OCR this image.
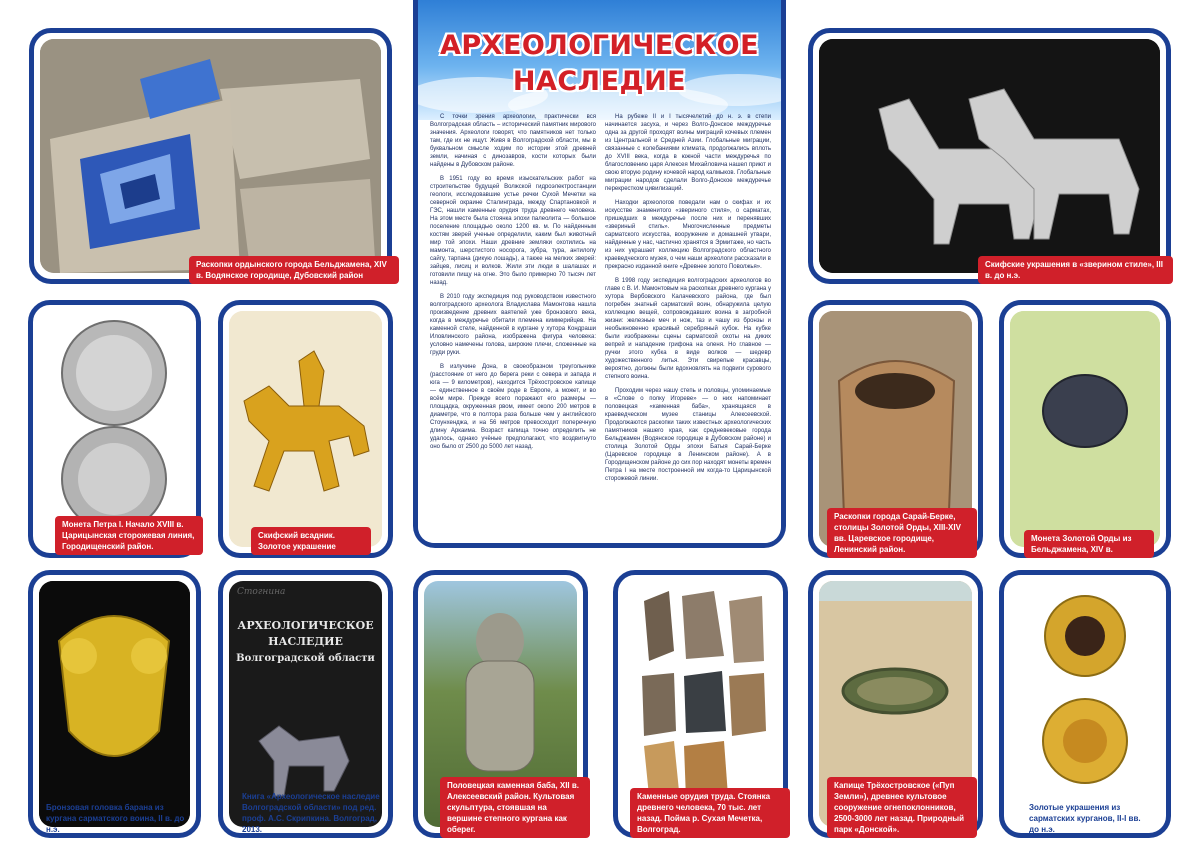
АРХЕОЛОГИЧЕСКОЕ
НАСЛЕДИЕ

С точки зрения археологии, практически вся Волгоградская область – исторический памятник мирового значения. Археологи говорят, что памятников нет только там, где их не ищут. Живя в Волгоградской области, мы в буквальном смысле ходим по истории этой древней земли, начиная с динозавров, кости которых были найдены в Дубовском районе.

В 1951 году во время изыскательских работ на строительстве будущей Волжской гидроэлектростанции геологи, исследовавшие устье речки Сухой Мечетки на северной окраине Сталинграда, между Спартановкой и ГЭС, нашли каменные орудия труда древнего человека. На этом месте была стоянка эпохи палеолита — большое поселение площадью около 1200 кв. м. По найденным костям зверей ученые определили, каким был животный мир той эпохи. Наши древние земляки охотились на мамонта, шерстистого носорога, зубра, тура, антилопу сайгу, тарпана (дикую лошадь), а также на мелких зверей: зайцев, лисиц и волков. Жили эти люди в шалашах и готовили пищу на огне. Это было примерно 70 тысяч лет назад.

В 2010 году экспедиция под руководством известного волгоградского археолога Владислава Мамонтова нашла произведение древних ваятелей уже бронзового века, когда в междуречье обитали племена киммерийцев. На каменной стеле, найденной в кургане у хутора Кондраши Иловлинского района, изображена фигура человека: условно намечены голова, широкие плечи, сложенные на груди руки.

В излучине Дона, в своеобразном треугольнике (расстояние от него до берега реки с севера и запада и юга — 9 километров), находится Трёхостровское капище — единственное в своём роде в Европе, а может, и во всём мире. Прежде всего поражают его размеры — площадка, окруженная рвом, имеет около 200 метров в диаметре, что в полтора раза больше чем у английского Стоунхенджа, и на 56 метров превосходит поперечную длину Аркаима. Возраст капища точно определить не удалось, однако учёные предполагают, что воздвигнуто оно было от 2500 до 5000 лет назад.

На рубеже II и I тысячелетий до н. э. в степи начинается засуха, и через Волго-Донское междуречье одна за другой проходят волны миграций кочевых племен из Центральной и Средней Азии. Глобальные миграции, связанные с колебаниями климата, продолжались вплоть до XVIII века, когда в южной части междуречья по благословению царя Алексея Михайловича нашел приют и свою вторую родину кочевой народ калмыков. Глобальные миграции народов сделали Волго-Донское междуречье перекрестком цивилизаций.

Находки археологов поведали нам о скифах и их искусстве знаменитого «звериного стиля», о сарматах, пришедших в междуречье после них и перенявших «звериный стиль». Многочисленные предметы сарматского искусства, вооружение и домашней утвари, найденные у нас, частично хранятся в Эрмитаже, но часть из них украшает коллекцию Волгоградского областного краеведческого музея, о чем наши археологи рассказали в прекрасно изданной книге «Древнее золото Поволжья».

В 1998 году экспедиция волгоградских археологов во главе с В. И. Мамонтовым на раскопках древнего кургана у хутора Вербовского Калачевского района, где был погребен знатный сарматский воин, обнаружила целую коллекцию вещей, сопровождавших воина в загробной жизни: железные меч и нож, таз и чашу из бронзы и необыкновенно красивый серебряный кубок. На кубке были изображены сцены сарматской охоты на диких вепрей и нападение грифона на оленя. Но главное — ручки этого кубка в виде волков — шедевр художественного литья. Эти свирепые красавцы, вероятно, должны были вдохновлять на подвиги сурового степного воина.

Проходим через нашу степь и половцы, упоминаемые в «Слове о полку Игореве» — о них напоминает половецкая «каменная баба», хранящаяся в краеведческом музее станицы Алексеевской. Продолжаются раскопки таких известных археологических памятников нашего края, как средневековые города Бельджамен (Водянское городище в Дубовском районе) и столица Золотой Орды эпохи Батыя Сарай-Берке (Царевское городище в Ленинском районе). А в Городищенском районе до сих пор находят монеты времен Петра I на месте построенной им когда-то Царицынской сторожевой линии.

Раскопки ордынского города Бельджамена, XIV в. Водянское городище, Дубовский район
Скифские украшения в «зверином стиле», III в. до н.э.
Монета Петра I. Начало XVIII в. Царицынская сторожевая линия, Городищенский район.
Скифский всадник. Золотое украшение
Раскопки города Сарай-Берке, столицы Золотой Орды, XIII-XIV вв. Царевское городище, Ленинский район.
Монета Золотой Орды из Бельджамена, XIV в.
Бронзовая головка барана из кургана сарматского воина, II в. до н.э.
Стогнина
АРХЕОЛОГИЧЕСКОЕ
НАСЛЕДИЕ
Волгоградской области
Книга «Археологическое наследие Волгоградской области» под ред. проф. А.С. Скрипкина. Волгоград, 2013.
Половецкая каменная баба, XII в. Алексеевский район. Культовая скульптура, стоявшая на вершине степного кургана как оберег.
Каменные орудия труда. Стоянка древнего человека, 70 тыс. лет назад. Пойма р. Сухая Мечетка, Волгоград.
Капище Трёхостровское («Пуп Земли»), древнее культовое сооружение огнепоклонников, 2500-3000 лет назад. Природный парк «Донской».
Золотые украшения из сарматских курганов, II-I вв. до н.э.
